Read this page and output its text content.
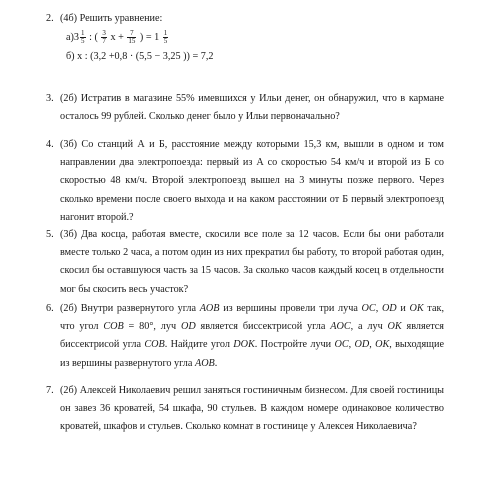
2. (4б) Решить уравнение:
$а)3 \frac{1}{5}$ : ( $\frac{3}{7}$ $x + \frac{7}{15}$ ) = $1 \frac{1}{5}$
б) x : (3,2 +0,8 · (5,5 − 3,25 )) = 7,2
3. (2б) Истратив в магазине 55% имевшихся у Ильи денег, он обнаружил, что в кармане осталось 99 рублей. Сколько денег было у Ильи первоначально?
4. (3б) Со станций А и Б, расстояние между которыми 15,3 км, вышли в одном и том направлении два электропоезда: первый из А со скоростью 54 км/ч и второй из Б со скоростью 48 км/ч. Второй электропоезд вышел на 3 минуты позже первого. Через сколько времени после своего выхода и на каком расстоянии от Б первый электропоезд нагонит второй.?
5. (3б) Два косца, работая вместе, скосили все поле за 12 часов. Если бы они работали вместе только 2 часа, а потом один из них прекратил бы работу, то второй работая один, скосил бы оставшуюся часть за 15 часов. За сколько часов каждый косец в отдельности мог бы скосить весь участок?
6. (2б) Внутри развернутого угла AOB из вершины провели три луча OC, OD и OK так, что угол COB = 80°, луч OD является биссектрисой угла AOC, а луч OK является биссектрисой угла COB. Найдите угол DOK. Постройте лучи OC, OD, OK, выходящие из вершины развернутого угла AOB.
7. (2б) Алексей Николаевич решил заняться гостиничным бизнесом. Для своей гостиницы он завез 36 кроватей, 54 шкафа, 90 стульев. В каждом номере одинаковое количество кроватей, шкафов и стульев. Сколько комнат в гостинице у Алексея Николаевича?
